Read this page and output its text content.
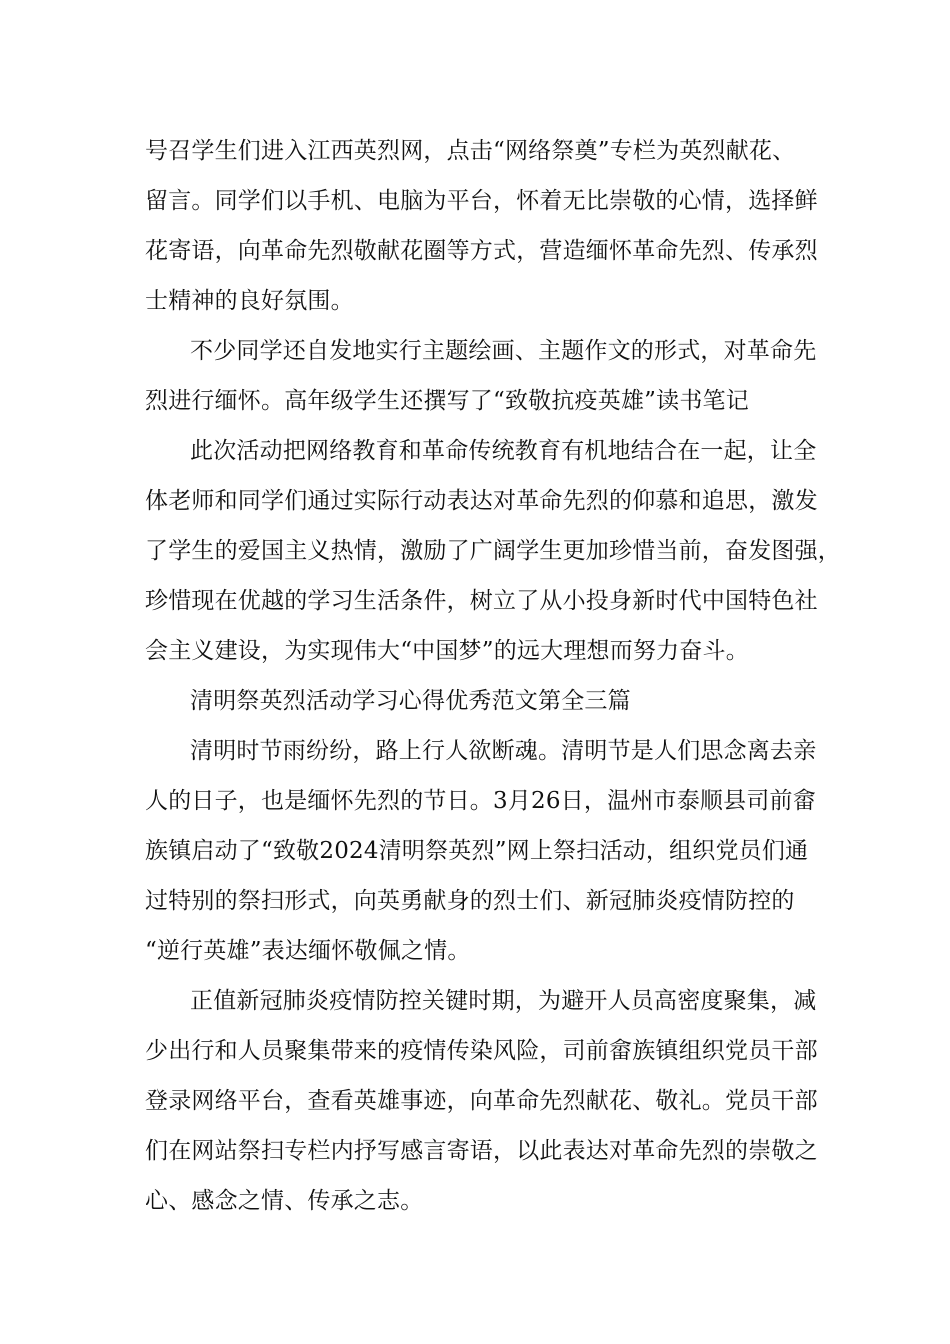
号召学生们进入江西英烈网，点击“网络祭奠”专栏为英烈献花、
留言。同学们以手机、电脑为平台，怀着无比崇敬的心情，选择鲜
花寄语，向革命先烈敬献花圈等方式，营造缅怀革命先烈、传承烈
士精神的良好氛围。
不少同学还自发地实行主题绘画、主题作文的形式，对革命先
烈进行缅怀。高年级学生还撰写了“致敬抗疫英雄”读书笔记
此次活动把网络教育和革命传统教育有机地结合在一起，让全
体老师和同学们通过实际行动表达对革命先烈的仰慕和追思，激发
了学生的爱国主义热情，激励了广阔学生更加珍惜当前，奋发图强，
珍惜现在优越的学习生活条件，树立了从小投身新时代中国特色社
会主义建设，为实现伟大“中国梦”的远大理想而努力奋斗。
清明祭英烈活动学习心得优秀范文第全三篇
清明时节雨纷纷，路上行人欲断魂。清明节是人们思念离去亲
人的日子，也是缅怀先烈的节日。3月26日，温州市泰顺县司前畲
族镇启动了“致敬2024清明祭英烈”网上祭扫活动，组织党员们通
过特别的祭扫形式，向英勇献身的烈士们、新冠肺炎疫情防控的
“逆行英雄”表达缅怀敬佩之情。
正值新冠肺炎疫情防控关键时期，为避开人员高密度聚集，减
少出行和人员聚集带来的疫情传染风险，司前畲族镇组织党员干部
登录网络平台，查看英雄事迹，向革命先烈献花、敬礼。党员干部
们在网站祭扫专栏内抒写感言寄语，以此表达对革命先烈的崇敬之
心、感念之情、传承之志。
